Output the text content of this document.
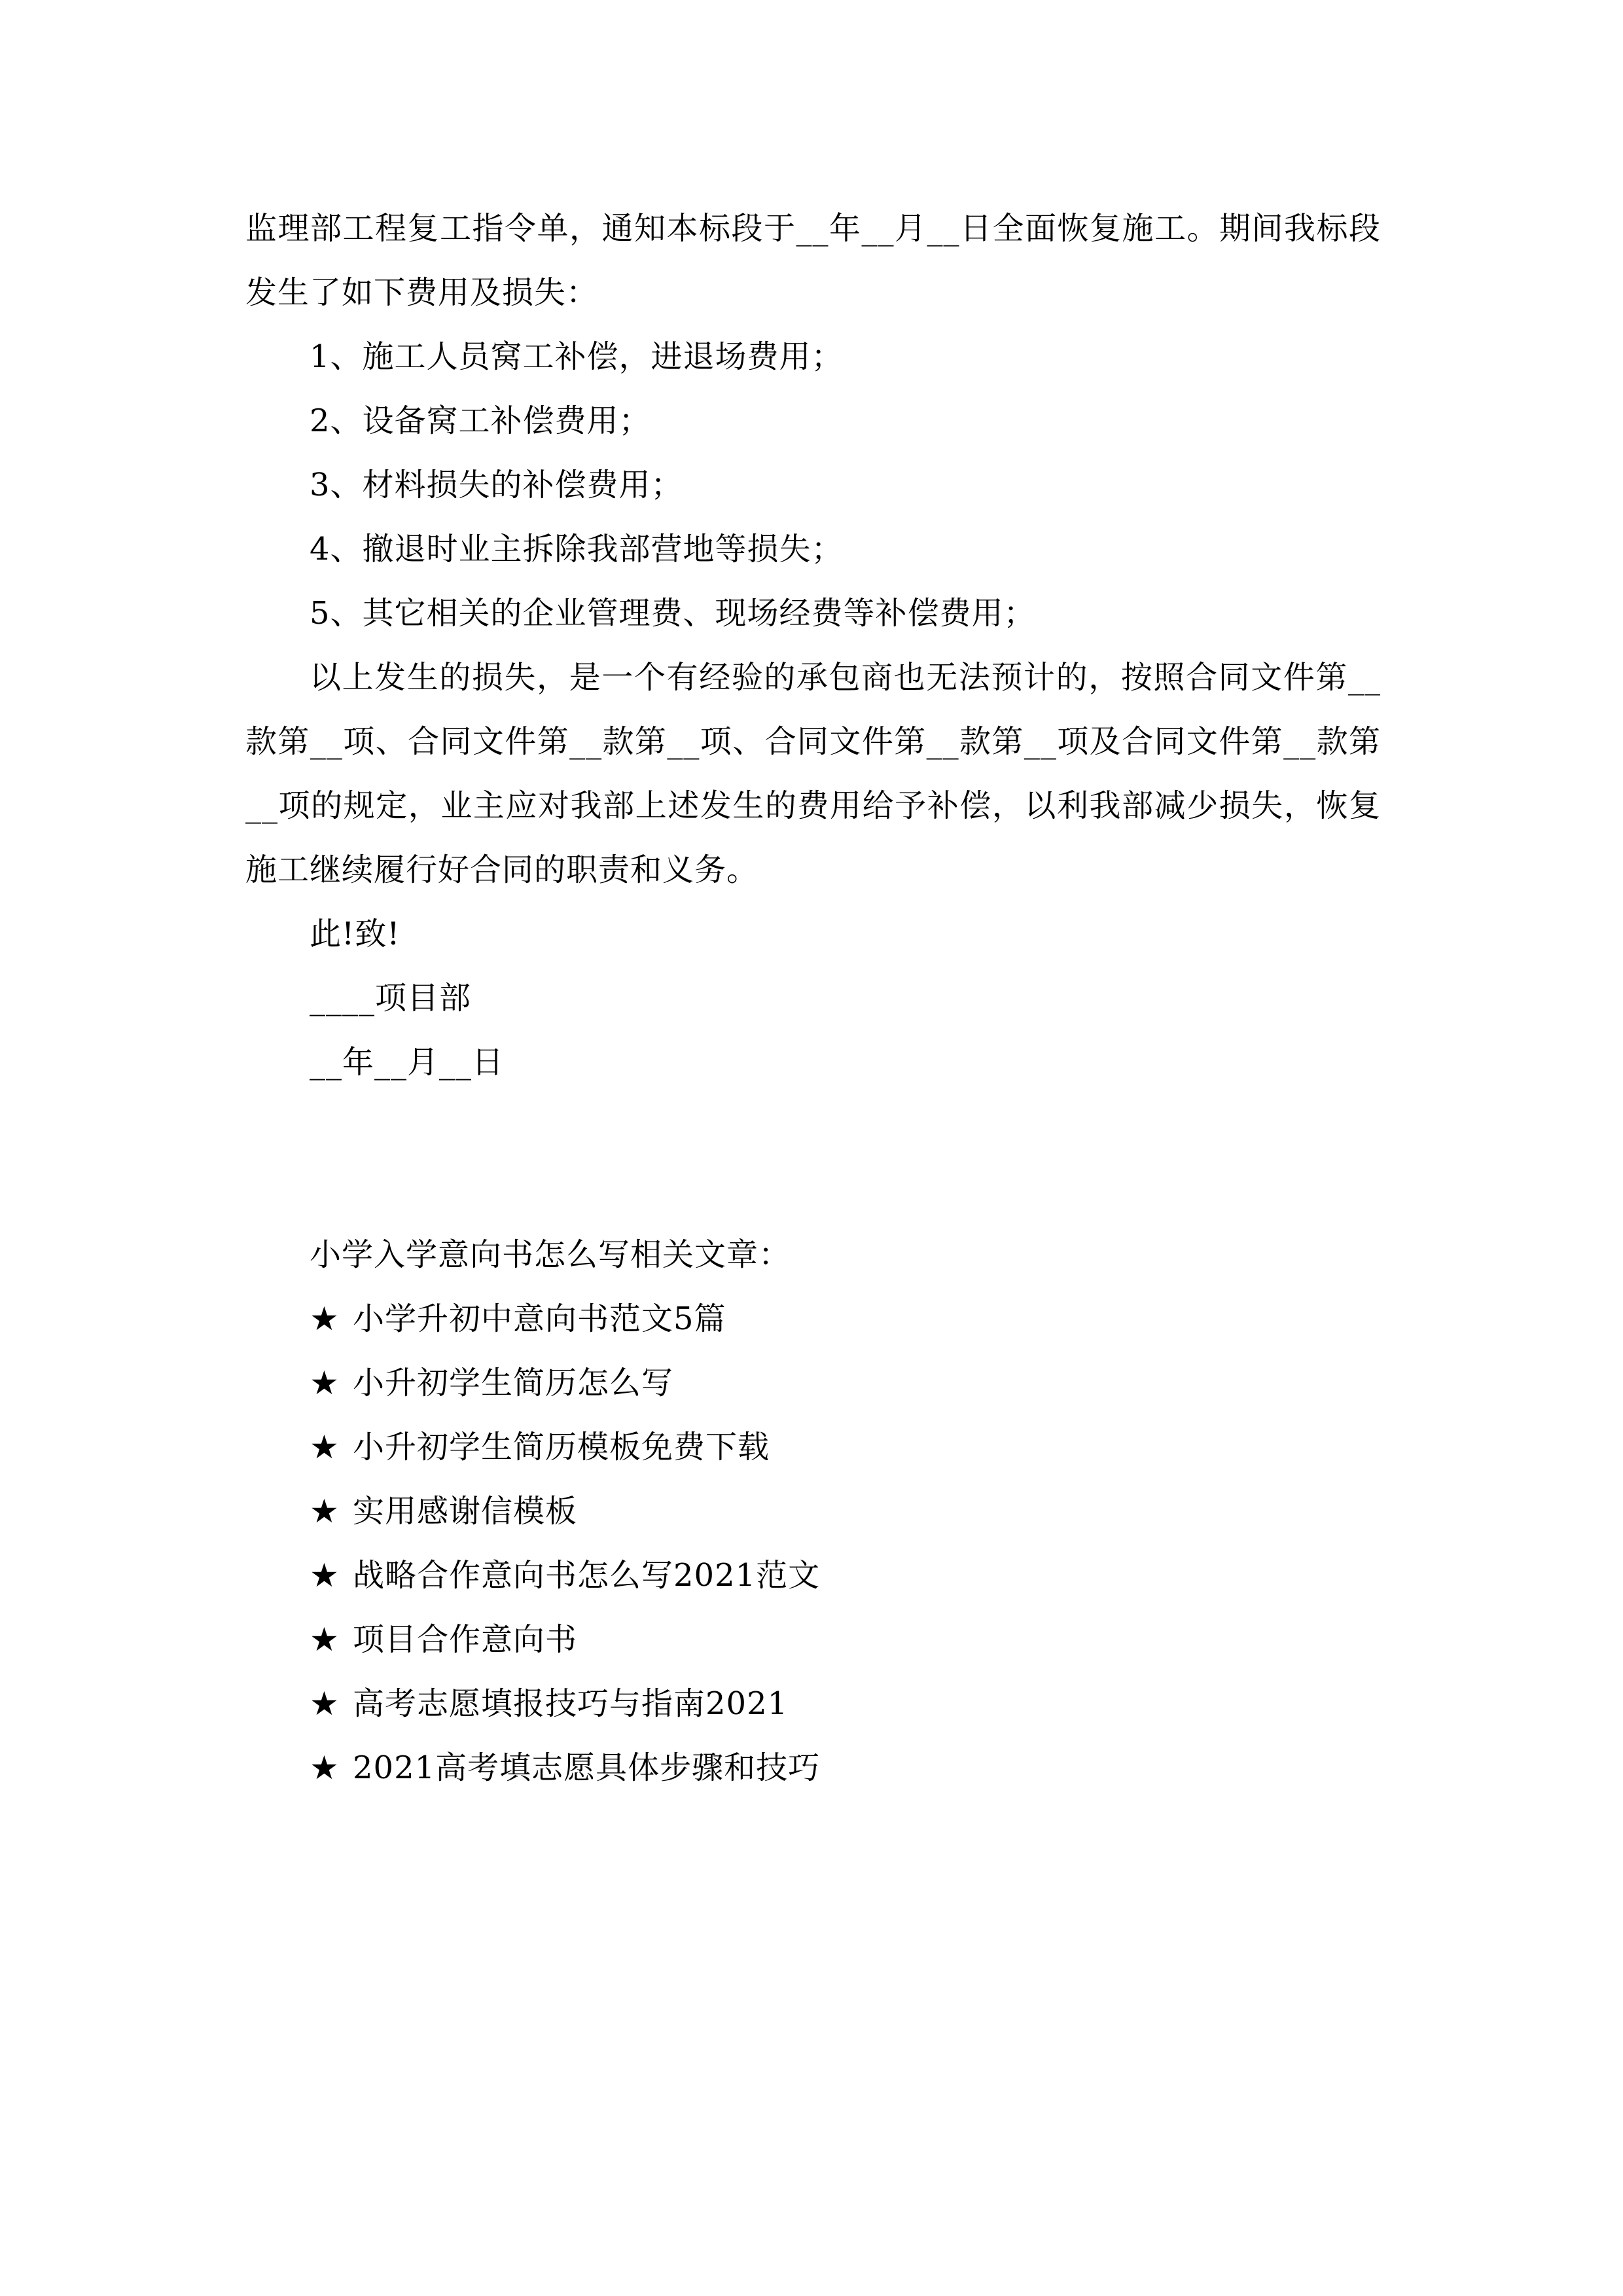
监理部工程复工指令单，通知本标段于__年__月__日全面恢复施工。期间我标段发生了如下费用及损失：

1、施工人员窝工补偿，进退场费用；

2、设备窝工补偿费用；

3、材料损失的补偿费用；

4、撤退时业主拆除我部营地等损失；

5、其它相关的企业管理费、现场经费等补偿费用；

以上发生的损失，是一个有经验的承包商也无法预计的，按照合同文件第__款第__项、合同文件第__款第__项、合同文件第__款第__项及合同文件第__款第__项的规定，业主应对我部上述发生的费用给予补偿，以利我部减少损失，恢复施工继续履行好合同的职责和义务。

此!致!

____项目部

__年__月__日

小学入学意向书怎么写相关文章：

★ 小学升初中意向书范文5篇
★ 小升初学生简历怎么写
★ 小升初学生简历模板免费下载
★ 实用感谢信模板
★ 战略合作意向书怎么写2021范文
★ 项目合作意向书
★ 高考志愿填报技巧与指南2021
★ 2021高考填志愿具体步骤和技巧
